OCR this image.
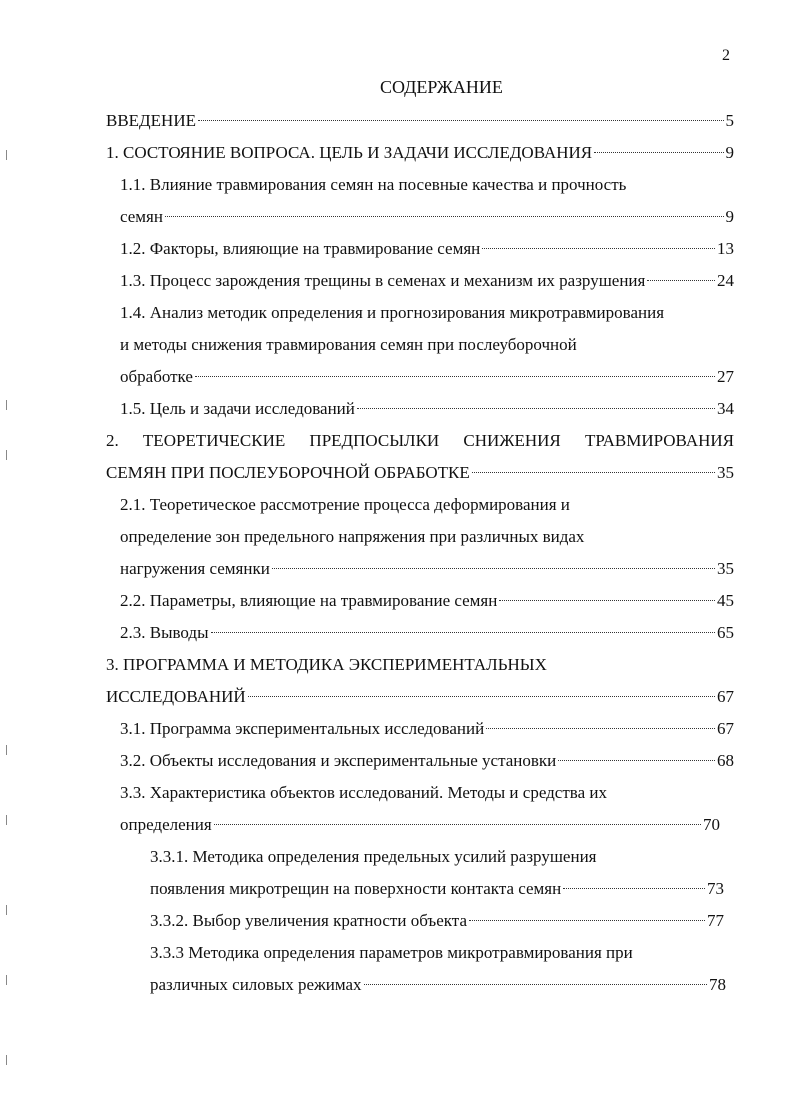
2
СОДЕРЖАНИЕ
ВВЕДЕНИЕ	5
1. СОСТОЯНИЕ ВОПРОСА. ЦЕЛЬ И ЗАДАЧИ ИССЛЕДОВАНИЯ	9
1.1. Влияние травмирования семян на посевные качества и прочность
семян	9
1.2. Факторы, влияющие на травмирование семян	13
1.3. Процесс зарождения трещины в семенах и механизм их разрушения	24
1.4. Анализ методик определения и прогнозирования микротравмирования
и методы снижения травмирования семян при послеуборочной
обработке	27
1.5. Цель и задачи исследований	34
2. ТЕОРЕТИЧЕСКИЕ ПРЕДПОСЫЛКИ СНИЖЕНИЯ ТРАВМИРОВАНИЯ
СЕМЯН ПРИ ПОСЛЕУБОРОЧНОЙ ОБРАБОТКЕ	35
2.1. Теоретическое рассмотрение процесса деформирования и
определение зон предельного напряжения при различных видах
нагружения семянки	35
2.2. Параметры, влияющие на травмирование семян	45
2.3. Выводы	65
3. ПРОГРАММА И МЕТОДИКА ЭКСПЕРИМЕНТАЛЬНЫХ
ИССЛЕДОВАНИЙ	67
3.1. Программа экспериментальных исследований	67
3.2. Объекты исследования и экспериментальные установки	68
3.3. Характеристика объектов исследований. Методы и средства их
определения	70
3.3.1. Методика определения предельных усилий разрушения
появления микротрещин на поверхности контакта семян	73
3.3.2. Выбор увеличения кратности объекта	77
3.3.3 Методика определения параметров микротравмирования при
различных силовых режимах	78
